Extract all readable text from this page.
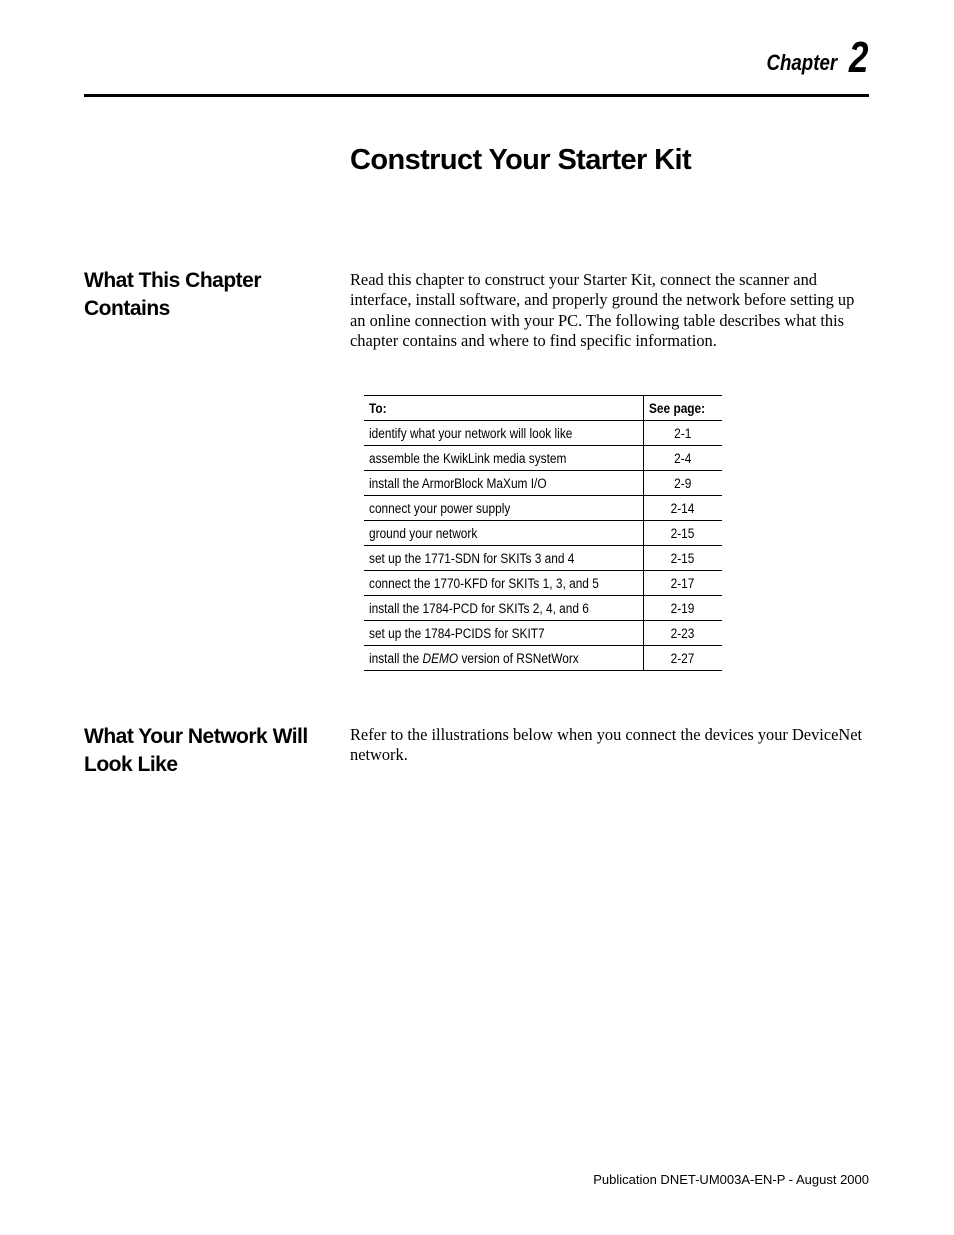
Chapter 2
Construct Your Starter Kit
What This Chapter Contains
Read this chapter to construct your Starter Kit, connect the scanner and interface, install software, and properly ground the network before setting up an online connection with your PC. The following table describes what this chapter contains and where to find specific information.
To:	See page:
identify what your network will look like	2-1
assemble the KwikLink media system	2-4
install the ArmorBlock MaXum I/O	2-9
connect your power supply	2-14
ground your network	2-15
set up the 1771-SDN for SKITs 3 and 4	2-15
connect the 1770-KFD for SKITs 1, 3, and 5	2-17
install the 1784-PCD for SKITs 2, 4, and 6	2-19
set up the 1784-PCIDS for SKIT7	2-23
install the DEMO version of RSNetWorx	2-27
What Your Network Will Look Like
Refer to the illustrations below when you connect the devices your DeviceNet network.
Publication DNET-UM003A-EN-P - August 2000
